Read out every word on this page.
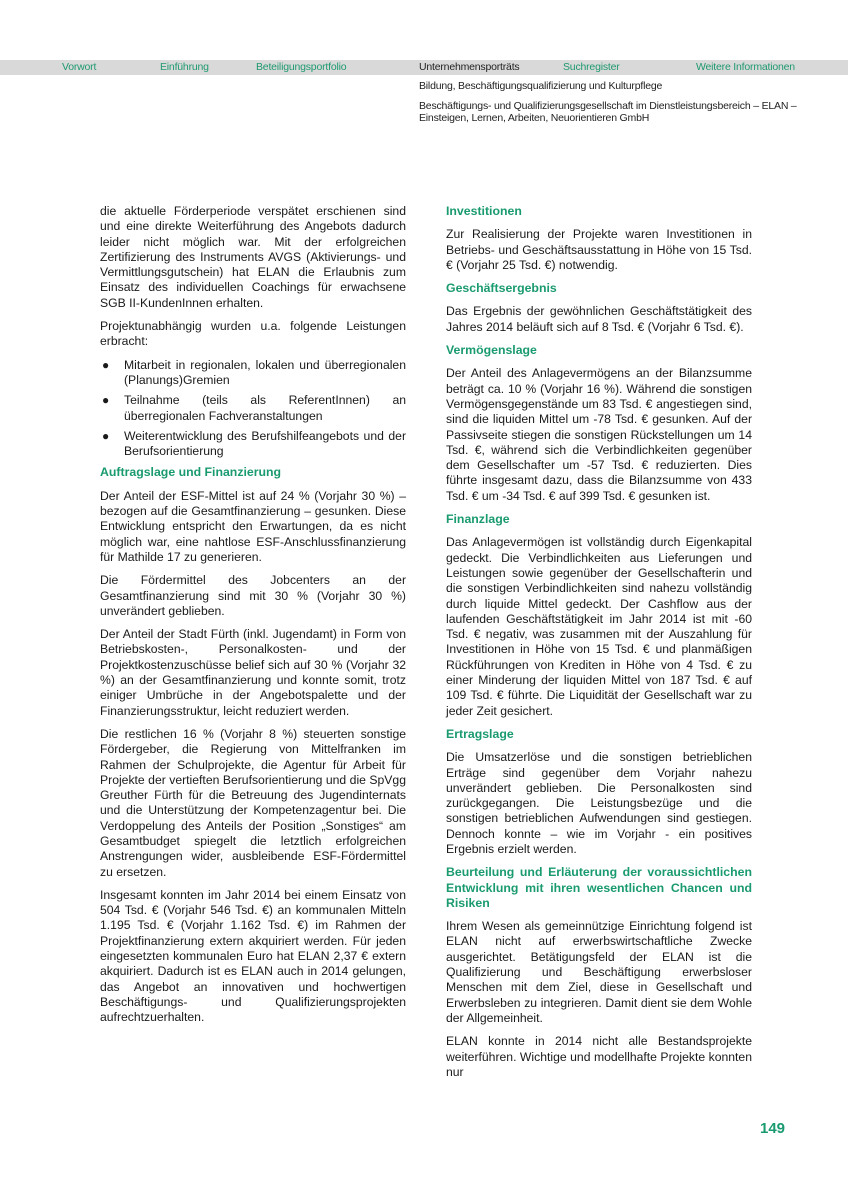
Vorwort	Einführung	Beteiligungsportfolio	Unternehmensporträts	Suchregister	Weitere Informationen
Bildung, Beschäftigungsqualifizierung und Kulturpflege
Beschäftigungs- und Qualifizierungsgesellschaft im Dienstleistungsbereich – ELAN –
Einsteigen, Lernen, Arbeiten, Neuorientieren GmbH

die aktuelle Förderperiode verspätet erschienen sind und eine direkte Weiterführung des Angebots dadurch leider nicht möglich war. Mit der erfolgreichen Zertifizierung des Instruments AVGS (Aktivierungs- und Vermittlungsgutschein) hat ELAN die Erlaubnis zum Einsatz des individuellen Coachings für erwachsene SGB II-KundenInnen erhalten.

Projektunabhängig wurden u.a. folgende Leistungen erbracht:

● Mitarbeit in regionalen, lokalen und überregionalen (Planungs)Gremien
● Teilnahme (teils als ReferentInnen) an überregionalen Fachveranstaltungen
● Weiterentwicklung des Berufshilfeangebots und der Berufsorientierung
Auftragslage und Finanzierung

Der Anteil der ESF-Mittel ist auf 24 % (Vorjahr 30 %) – bezogen auf die Gesamtfinanzierung – gesunken. Diese Entwicklung entspricht den Erwartungen, da es nicht möglich war, eine nahtlose ESF-Anschlussfinanzierung für Mathilde 17 zu generieren.

Die Fördermittel des Jobcenters an der Gesamtfinanzierung sind mit 30 % (Vorjahr 30 %) unverändert geblieben.

Der Anteil der Stadt Fürth (inkl. Jugendamt) in Form von Betriebskosten-, Personalkosten- und der Projektkostenzuschüsse belief sich auf 30 % (Vorjahr 32 %) an der Gesamtfinanzierung und konnte somit, trotz einiger Umbrüche in der Angebotspalette und der Finanzierungsstruktur, leicht reduziert werden.

Die restlichen 16 % (Vorjahr 8 %) steuerten sonstige Fördergeber, die Regierung von Mittelfranken im Rahmen der Schulprojekte, die Agentur für Arbeit für Projekte der vertieften Berufsorientierung und die SpVgg Greuther Fürth für die Betreuung des Jugendinternats und die Unterstützung der Kompetenzagentur bei. Die Verdoppelung des Anteils der Position „Sonstiges“ am Gesamtbudget spiegelt die letztlich erfolgreichen Anstrengungen wider, ausbleibende ESF-Fördermittel zu ersetzen.

Insgesamt konnten im Jahr 2014 bei einem Einsatz von 504 Tsd. € (Vorjahr 546 Tsd. €) an kommunalen Mitteln 1.195 Tsd. € (Vorjahr 1.162 Tsd. €) im Rahmen der Projektfinanzierung extern akquiriert werden. Für jeden eingesetzten kommunalen Euro hat ELAN 2,37 € extern akquiriert. Dadurch ist es ELAN auch in 2014 gelungen, das Angebot an innovativen und hochwertigen Beschäftigungs- und Qualifizierungsprojekten aufrechtzuerhalten.

Investitionen

Zur Realisierung der Projekte waren Investitionen in Betriebs- und Geschäftsausstattung in Höhe von 15 Tsd. € (Vorjahr 25 Tsd. €) notwendig.

Geschäftsergebnis

Das Ergebnis der gewöhnlichen Geschäftstätigkeit des Jahres 2014 beläuft sich auf 8 Tsd. € (Vorjahr 6 Tsd. €).

Vermögenslage

Der Anteil des Anlagevermögens an der Bilanzsumme beträgt ca. 10 % (Vorjahr 16 %). Während die sonstigen Vermögensgegenstände um 83 Tsd. € angestiegen sind, sind die liquiden Mittel um -78 Tsd. € gesunken. Auf der Passivseite stiegen die sonstigen Rückstellungen um 14 Tsd. €, während sich die Verbindlichkeiten gegenüber dem Gesellschafter um -57 Tsd. € reduzierten. Dies führte insgesamt dazu, dass die Bilanzsumme von 433 Tsd. € um -34 Tsd. € auf 399 Tsd. € gesunken ist.

Finanzlage

Das Anlagevermögen ist vollständig durch Eigenkapital gedeckt. Die Verbindlichkeiten aus Lieferungen und Leistungen sowie gegenüber der Gesellschafterin und die sonstigen Verbindlichkeiten sind nahezu vollständig durch liquide Mittel gedeckt. Der Cashflow aus der laufenden Geschäftstätigkeit im Jahr 2014 ist mit -60 Tsd. € negativ, was zusammen mit der Auszahlung für Investitionen in Höhe von 15 Tsd. € und planmäßigen Rückführungen von Krediten in Höhe von 4 Tsd. € zu einer Minderung der liquiden Mittel von 187 Tsd. € auf 109 Tsd. € führte. Die Liquidität der Gesellschaft war zu jeder Zeit gesichert.

Ertragslage

Die Umsatzerlöse und die sonstigen betrieblichen Erträge sind gegenüber dem Vorjahr nahezu unverändert geblieben. Die Personalkosten sind zurückgegangen. Die Leistungsbezüge und die sonstigen betrieblichen Aufwendungen sind gestiegen. Dennoch konnte – wie im Vorjahr - ein positives Ergebnis erzielt werden.

Beurteilung und Erläuterung der voraussichtlichen Entwicklung mit ihren wesentlichen Chancen und Risiken

Ihrem Wesen als gemeinnützige Einrichtung folgend ist ELAN nicht auf erwerbswirtschaftliche Zwecke ausgerichtet. Betätigungsfeld der ELAN ist die Qualifizierung und Beschäftigung erwerbsloser Menschen mit dem Ziel, diese in Gesellschaft und Erwerbsleben zu integrieren. Damit dient sie dem Wohle der Allgemeinheit.

ELAN konnte in 2014 nicht alle Bestandsprojekte weiterführen. Wichtige und modellhafte Projekte konnten nur

149
